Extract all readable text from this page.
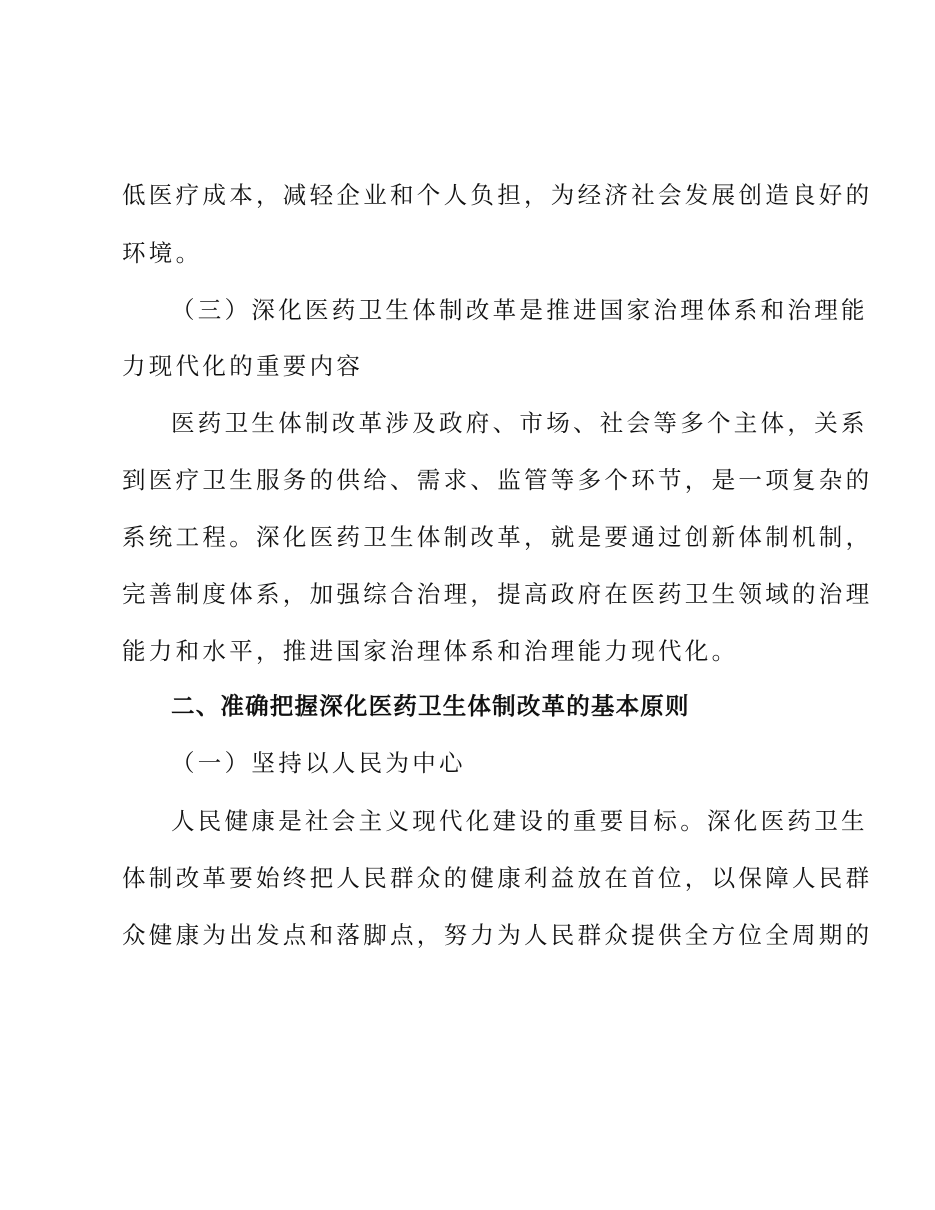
低医疗成本，减轻企业和个人负担，为经济社会发展创造良好的
环境。
（三）深化医药卫生体制改革是推进国家治理体系和治理能
力现代化的重要内容
医药卫生体制改革涉及政府、市场、社会等多个主体，关系
到医疗卫生服务的供给、需求、监管等多个环节，是一项复杂的
系统工程。深化医药卫生体制改革，就是要通过创新体制机制，
完善制度体系，加强综合治理，提高政府在医药卫生领域的治理
能力和水平，推进国家治理体系和治理能力现代化。
二、准确把握深化医药卫生体制改革的基本原则
（一）坚持以人民为中心
人民健康是社会主义现代化建设的重要目标。深化医药卫生
体制改革要始终把人民群众的健康利益放在首位，以保障人民群
众健康为出发点和落脚点，努力为人民群众提供全方位全周期的
